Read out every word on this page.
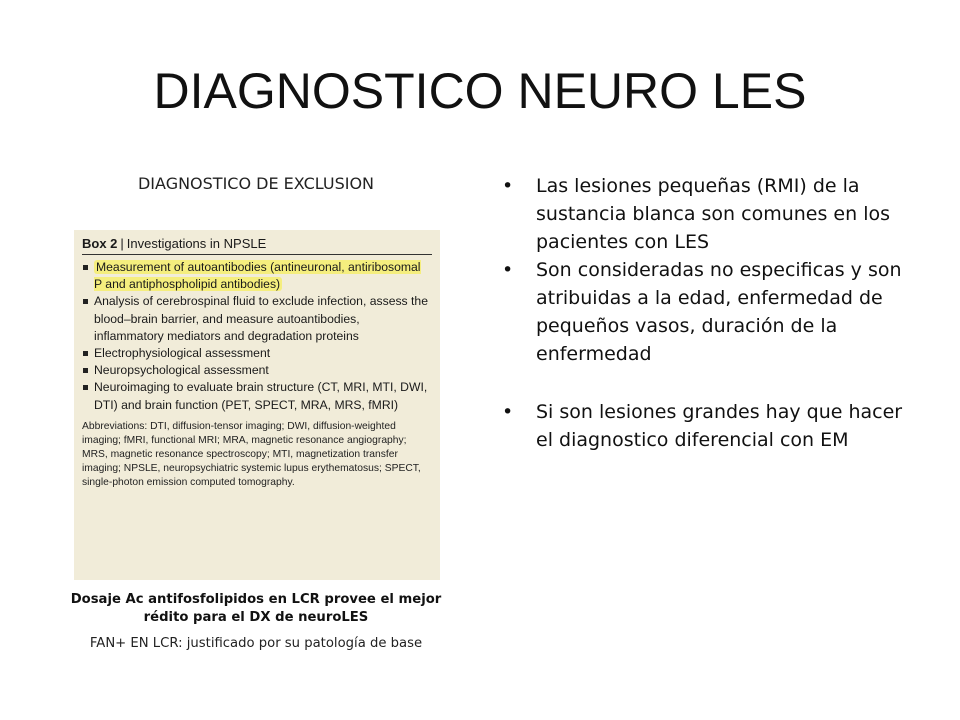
DIAGNOSTICO NEURO LES
DIAGNOSTICO DE EXCLUSION
Box 2 | Investigations in NPSLE
Measurement of autoantibodies (antineuronal, antiribosomal P and antiphospholipid antibodies)
Analysis of cerebrospinal fluid to exclude infection, assess the blood–brain barrier, and measure autoantibodies, inflammatory mediators and degradation proteins
Electrophysiological assessment
Neuropsychological assessment
Neuroimaging to evaluate brain structure (CT, MRI, MTI, DWI, DTI) and brain function (PET, SPECT, MRA, MRS, fMRI)
Abbreviations: DTI, diffusion-tensor imaging; DWI, diffusion-weighted imaging; fMRI, functional MRI; MRA, magnetic resonance angiography; MRS, magnetic resonance spectroscopy; MTI, magnetization transfer imaging; NPSLE, neuropsychiatric systemic lupus erythematosus; SPECT, single-photon emission computed tomography.
Dosaje Ac antifosfolipidos en LCR provee el mejor rédito para el DX de neuroLES
FAN+ EN LCR: justificado por su patología de base
• Las lesiones pequeñas (RMI) de la sustancia blanca son comunes en los pacientes con LES
• Son consideradas no especificas y son atribuidas a la edad, enfermedad de pequeños vasos, duración de la enfermedad
• Si son lesiones grandes hay que hacer el diagnostico diferencial con EM
